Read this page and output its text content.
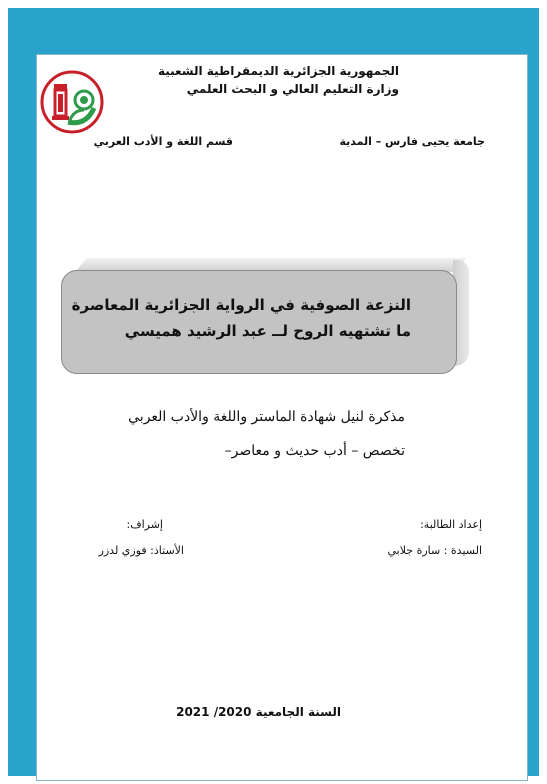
الجمهورية الجزائرية الديمقراطية الشعبية
وزارة التعليم العالي و البحث العلمي
جامعة يحيى فارس – المدية
قسم اللغة و الأدب العربي
النزعة الصوفية في الرواية الجزائرية المعاصرة
ما تشتهيه الروح لــ عبد الرشيد هميسي
مذكرة لنيل شهادة الماستر واللغة والأدب العربي
تخصص – أدب حديث و معاصر–
إعداد الطالبة:
السيدة : سارة جلابي
إشراف:
الأستاذ: فوزي لدزر
السنة الجامعية 2020/ 2021
